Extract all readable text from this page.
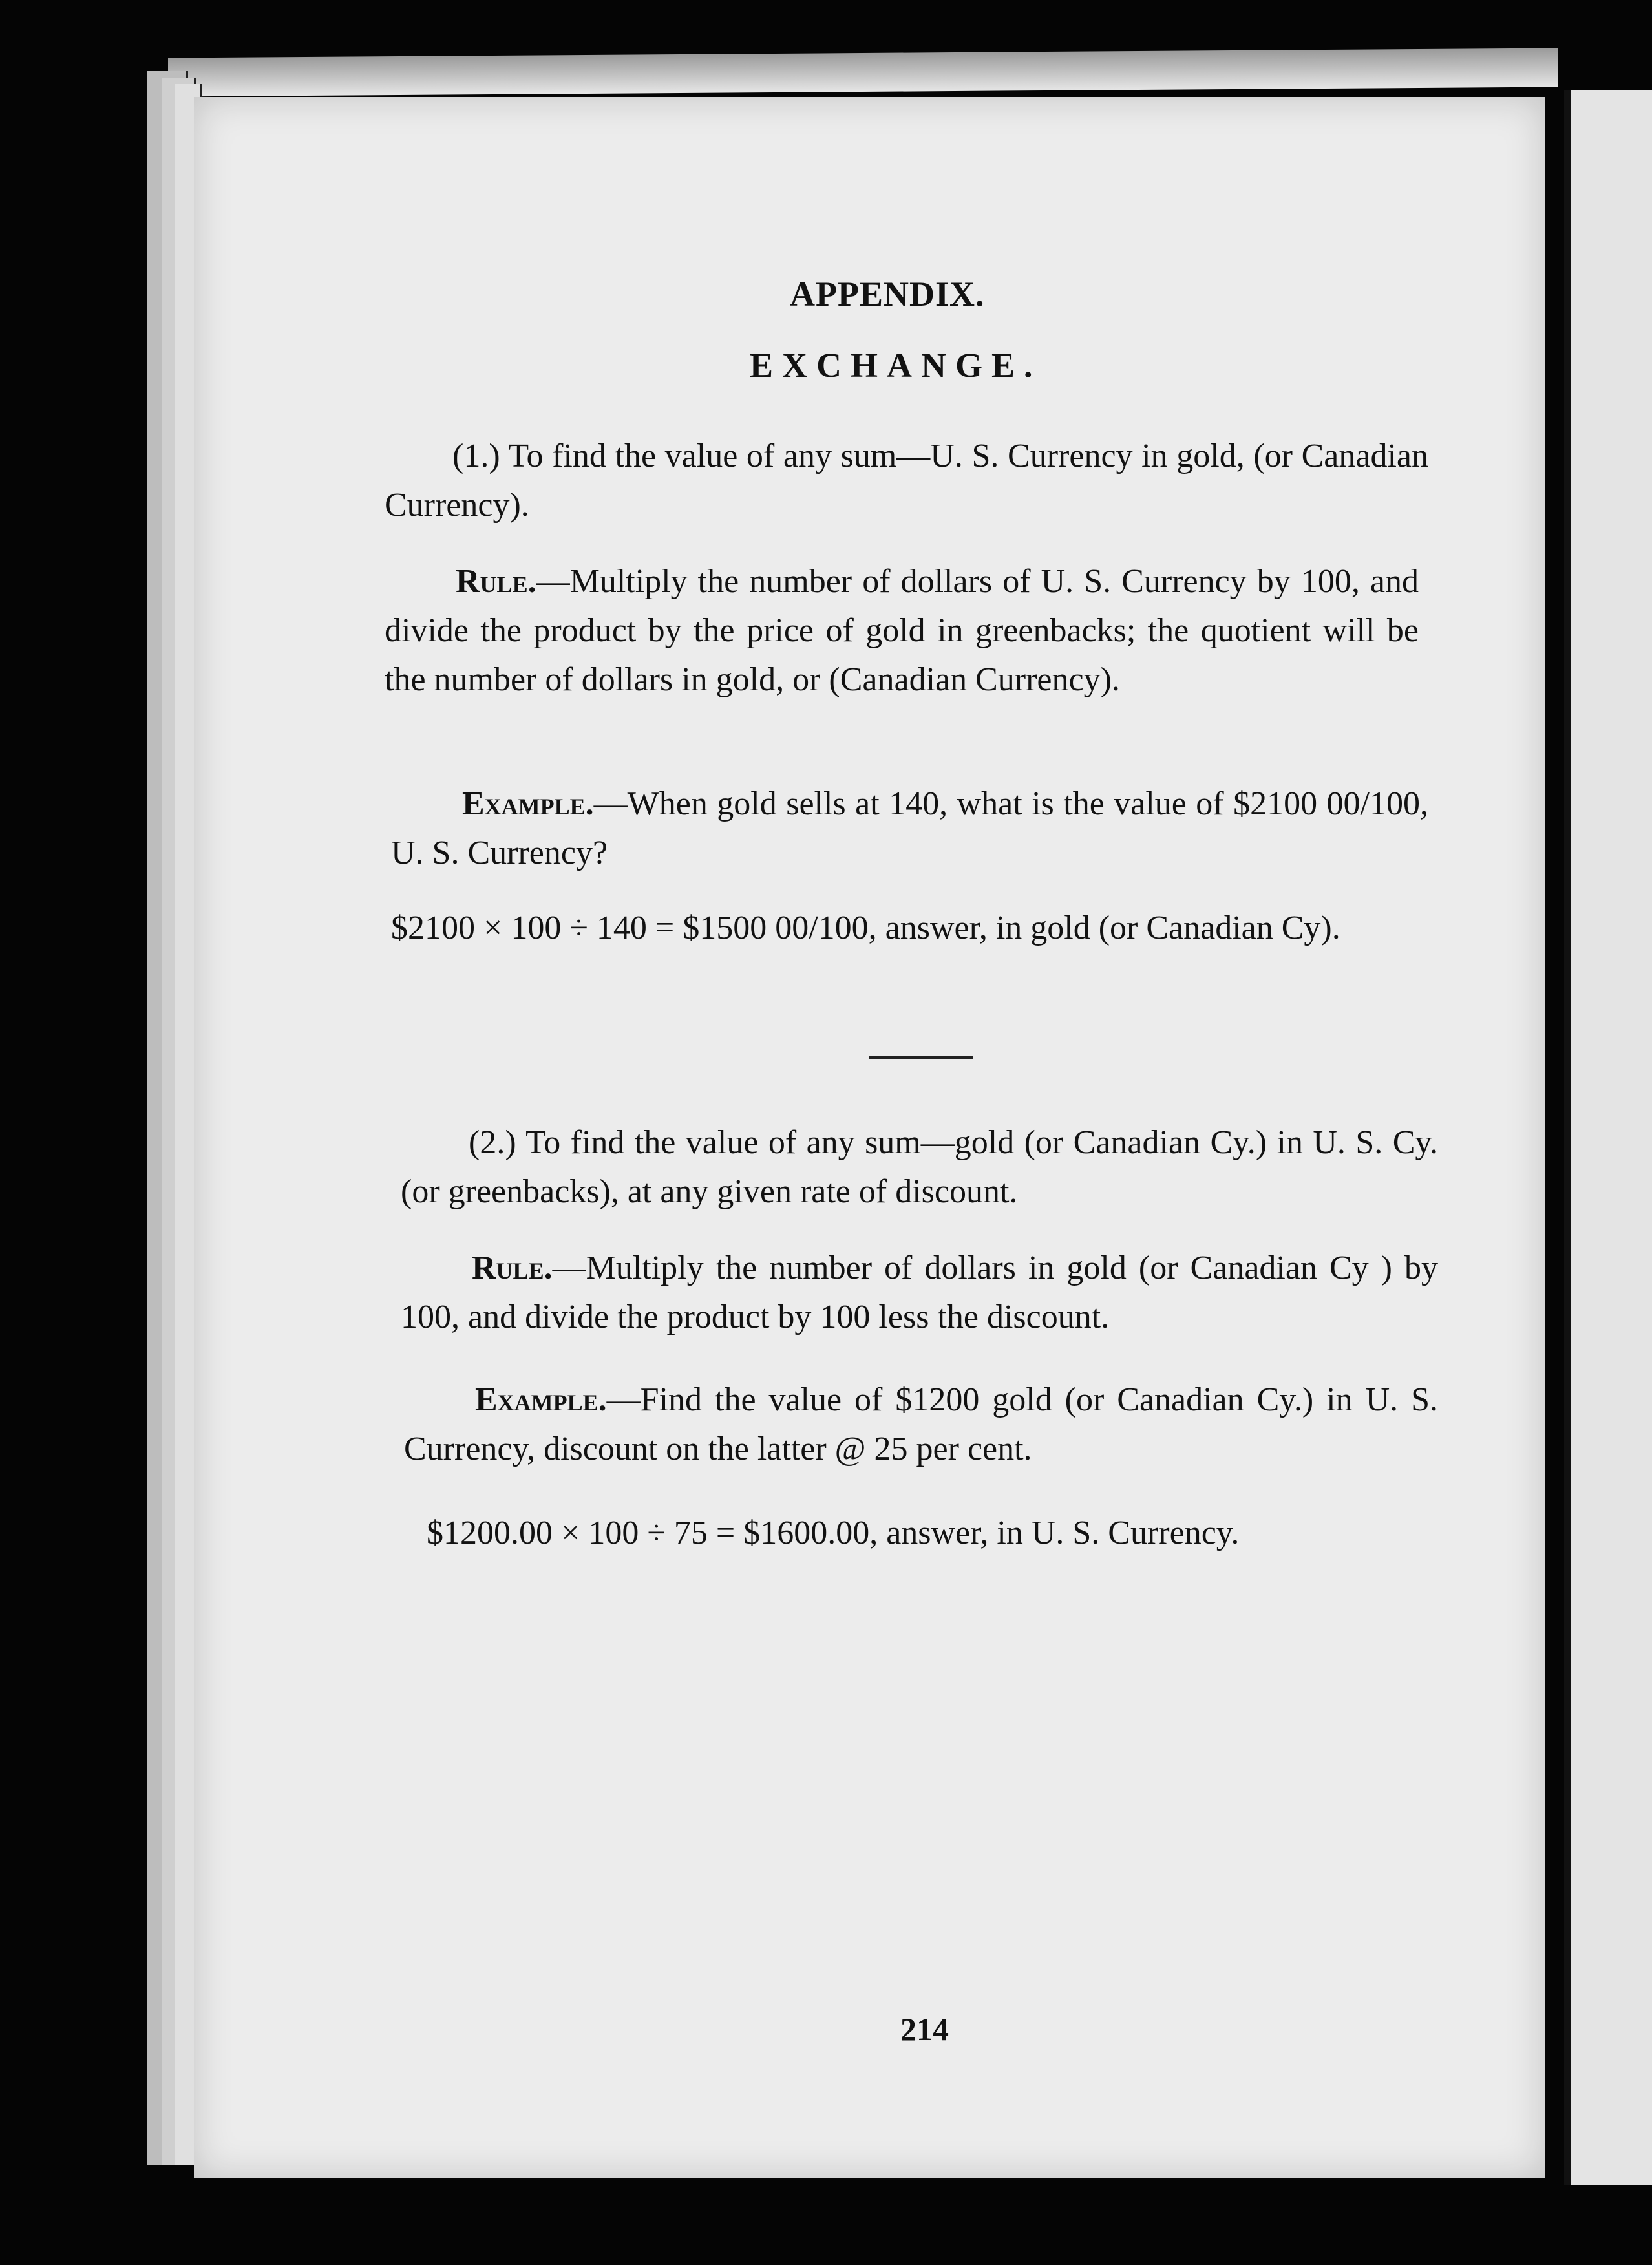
APPENDIX.
EXCHANGE.
(1.) To find the value of any sum—U. S. Currency in gold, (or Canadian Currency).
Rule.—Multiply the number of dollars of U. S. Currency by 100, and divide the product by the price of gold in greenbacks; the quotient will be the number of dollars in gold, or (Canadian Currency).
Example.—When gold sells at 140, what is the value of $2100 00/100, U. S. Currency?
$2100 × 100 ÷ 140 = $1500 00/100, answer, in gold (or Canadian Cy).
(2.) To find the value of any sum—gold (or Canadian Cy.) in U. S. Cy. (or greenbacks), at any given rate of discount.
Rule.—Multiply the number of dollars in gold (or Canadian Cy ) by 100, and divide the product by 100 less the discount.
Example.—Find the value of $1200 gold (or Canadian Cy.) in U. S. Currency, discount on the latter @ 25 per cent.
$1200.00 × 100 ÷ 75 = $1600.00, answer, in U. S. Currency.
214
